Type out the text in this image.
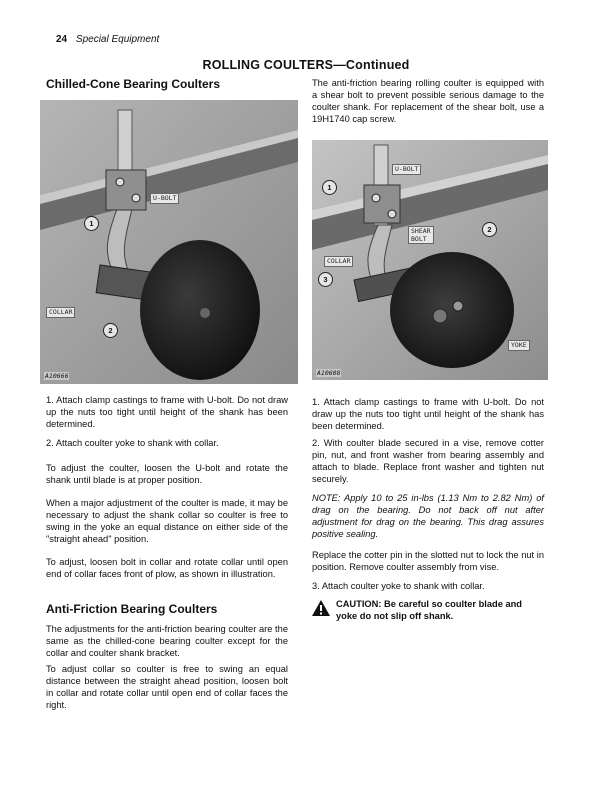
24 Special Equipment
ROLLING COULTERS—Continued
Chilled-Cone Bearing Coulters
U-BOLT
COLLAR
1
2
A10666
1. Attach clamp castings to frame with U-bolt. Do not draw up the nuts too tight until height of the shank has been determined.
2. Attach coulter yoke to shank with collar.
To adjust the coulter, loosen the U-bolt and rotate the shank until blade is at proper position.
When a major adjustment of the coulter is made, it may be necessary to adjust the shank collar so coulter is free to swing in the yoke an equal distance on either side of the "straight ahead" position.
To adjust, loosen bolt in collar and rotate collar until open end of collar faces front of plow, as shown in illustration.
Anti-Friction Bearing Coulters
The adjustments for the anti-friction bearing coulter are the same as the chilled-cone bearing coulter except for the collar and coulter shank bracket.
To adjust collar so coulter is free to swing an equal distance between the straight ahead position, loosen bolt in collar and rotate collar until open end of collar faces the right.
The anti-friction bearing rolling coulter is equipped with a shear bolt to prevent possible serious damage to the coulter shank. For replacement of the shear bolt, use a 19H1740 cap screw.
U-BOLT
SHEAR
BOLT
COLLAR
YOKE
1
2
3
A10608
1. Attach clamp castings to frame with U-bolt. Do not draw up the nuts too tight until height of the shank has been determined.
2. With coulter blade secured in a vise, remove cotter pin, nut, and front washer from bearing assembly and attach to blade. Replace front washer and tighten nut securely.
NOTE: Apply 10 to 25 in-lbs (1.13 Nm to 2.82 Nm) of drag on the bearing. Do not back off nut after adjustment for drag on the bearing. This drag assures positive sealing.
Replace the cotter pin in the slotted nut to lock the nut in position. Remove coulter assembly from vise.
3. Attach coulter yoke to shank with collar.
CAUTION: Be careful so coulter blade and yoke do not slip off shank.
